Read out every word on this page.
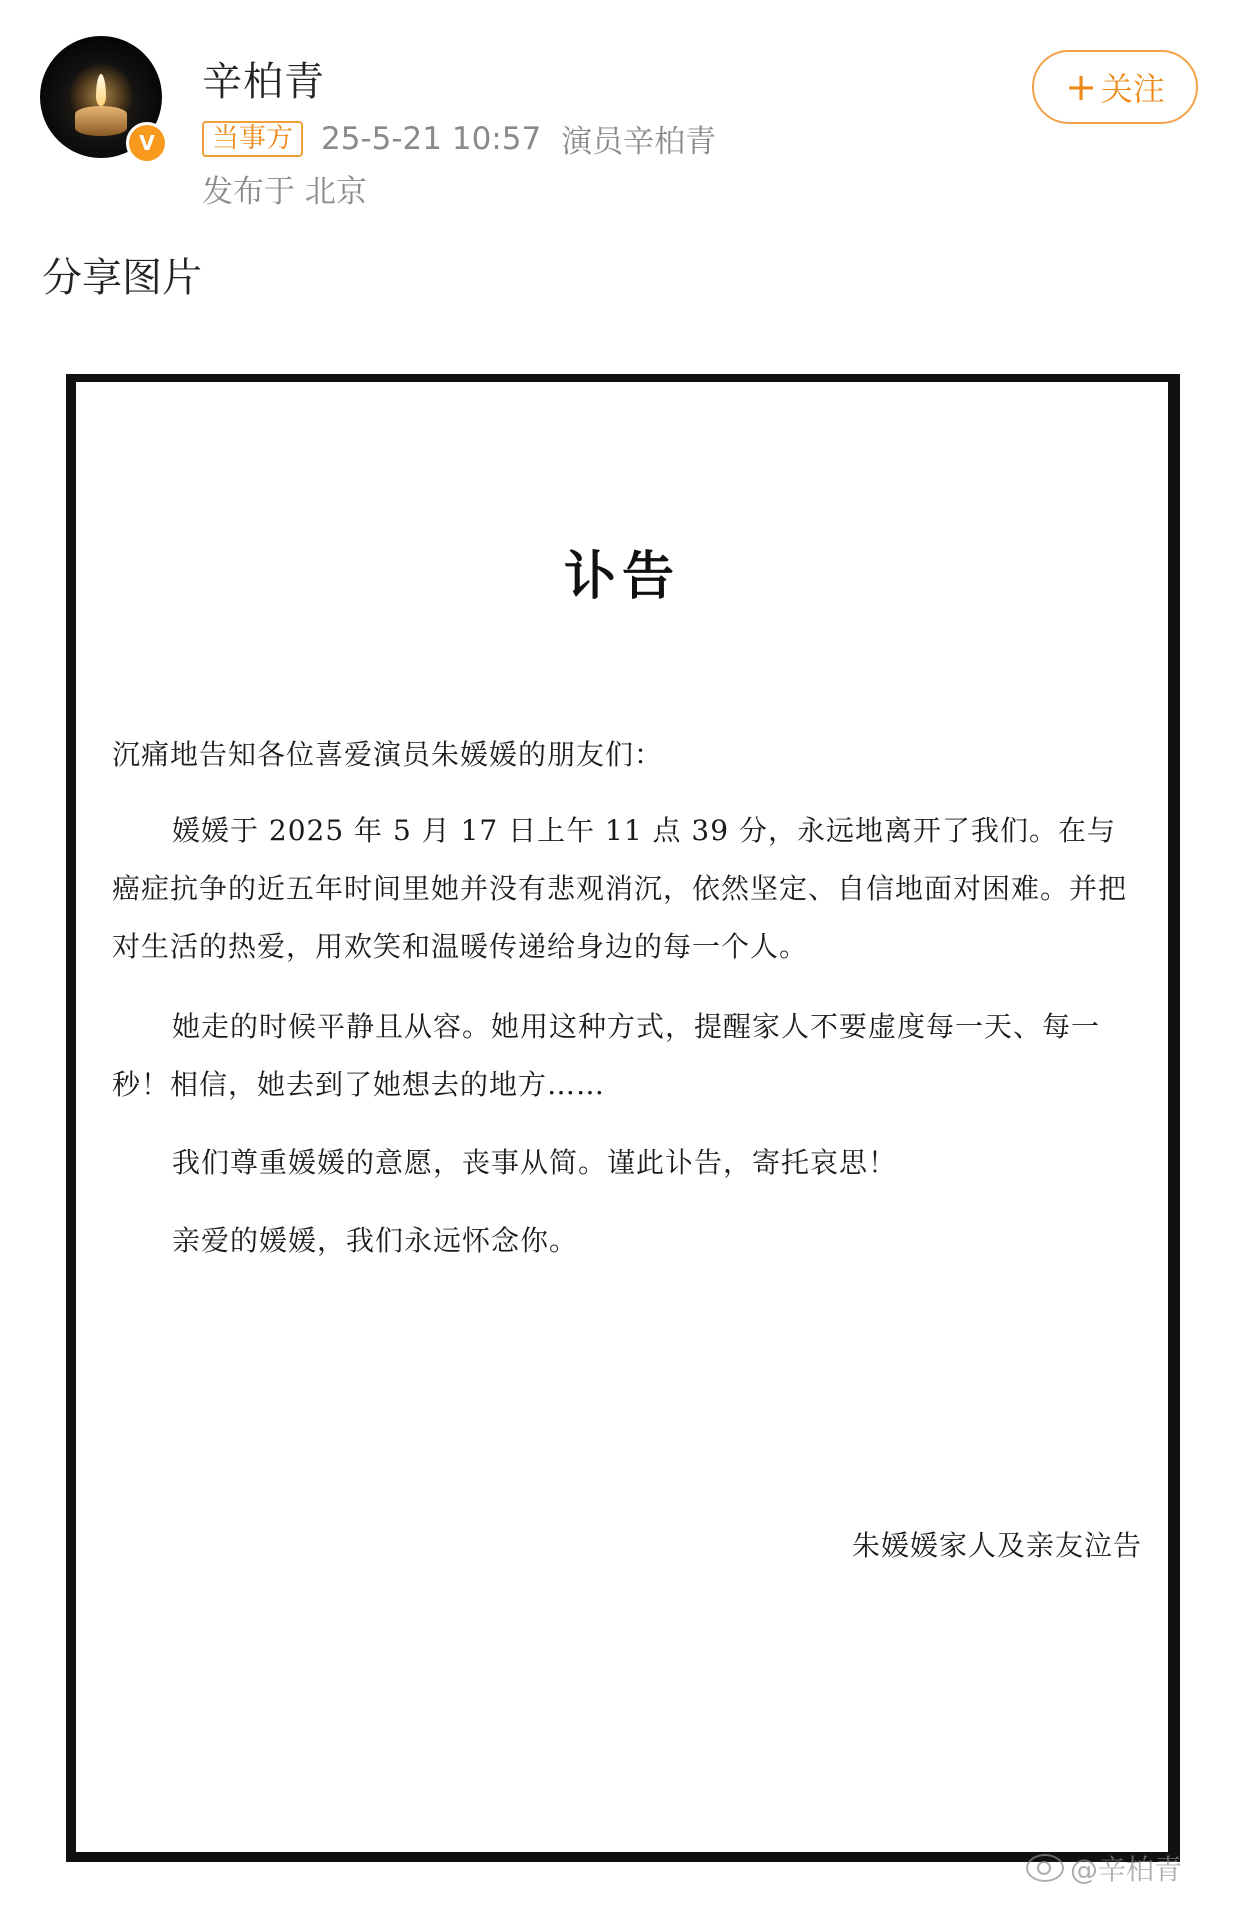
V
辛柏青
当事方 25-5-21 10:57 演员辛柏青
发布于 北京
+ 关注
分享图片
讣告
沉痛地告知各位喜爱演员朱媛媛的朋友们：
媛媛于 2025 年 5 月 17 日上午 11 点 39 分，永远地离开了我们。在与癌症抗争的近五年时间里她并没有悲观消沉，依然坚定、自信地面对困难。并把对生活的热爱，用欢笑和温暖传递给身边的每一个人。
她走的时候平静且从容。她用这种方式，提醒家人不要虚度每一天、每一秒！相信，她去到了她想去的地方……
我们尊重媛媛的意愿，丧事从简。谨此讣告，寄托哀思！
亲爱的媛媛，我们永远怀念你。
朱媛媛家人及亲友泣告
@辛柏青
